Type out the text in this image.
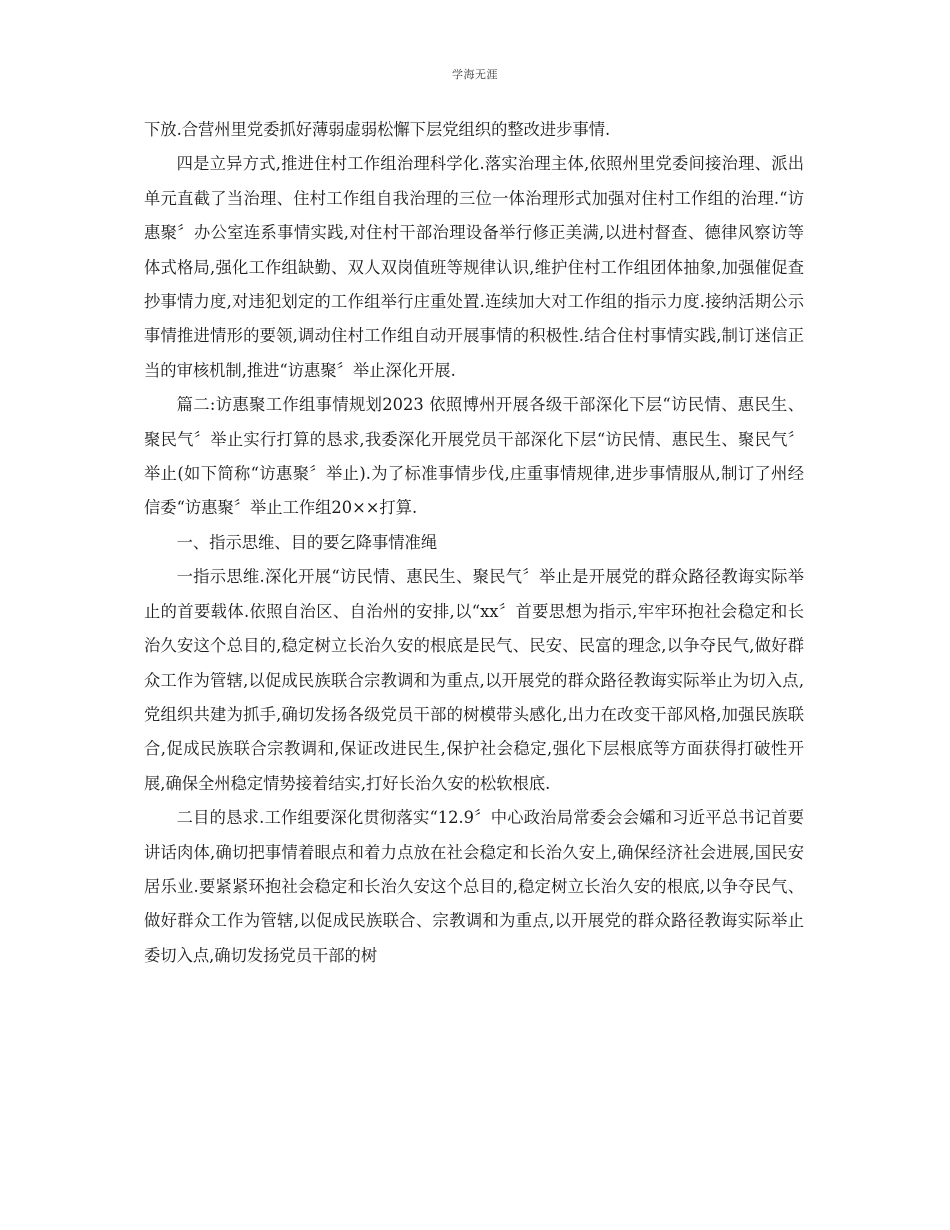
学海无涯

下放.合营州里党委抓好薄弱虚弱松懈下层党组织的整改进步事情.

四是立异方式,推进住村工作组治理科学化.落实治理主体,依照州里党委间接治理、派出单元直截了当治理、住村工作组自我治理的三位一体治理形式加强对住村工作组的治理.“访惠聚〞办公室连系事情实践,对住村干部治理设备举行修正美满,以进村督查、德律风察访等体式格局,强化工作组缺勤、双人双岗值班等规律认识,维护住村工作组团体抽象,加强催促查抄事情力度,对违犯划定的工作组举行庄重处置.连续加大对工作组的指示力度.接纳活期公示事情推进情形的要领,调动住村工作组自动开展事情的积极性.结合住村事情实践,制订迷信正当的审核机制,推进“访惠聚〞举止深化开展.

篇二:访惠聚工作组事情规划2023 依照博州开展各级干部深化下层“访民情、惠民生、聚民气〞举止实行打算的恳求,我委深化开展党员干部深化下层“访民情、惠民生、聚民气〞举止(如下简称“访惠聚〞举止).为了标准事情步伐,庄重事情规律,进步事情服从,制订了州经信委“访惠聚〞举止工作组20××打算.

一、指示思维、目的要乞降事情准绳

一指示思维.深化开展“访民情、惠民生、聚民气〞举止是开展党的群众路径教诲实际举止的首要载体.依照自治区、自治州的安排,以“xx〞首要思想为指示,牢牢环抱社会稳定和长治久安这个总目的,稳定树立长治久安的根底是民气、民安、民富的理念,以争夺民气,做好群众工作为管辖,以促成民族联合宗教调和为重点,以开展党的群众路径教诲实际举止为切入点,党组织共建为抓手,确切发扬各级党员干部的树模带头感化,出力在改变干部风格,加强民族联合,促成民族联合宗教调和,保证改进民生,保护社会稳定,强化下层根底等方面获得打破性开展,确保全州稳定情势接着结实,打好长治久安的松软根底.

二目的恳求.工作组要深化贯彻落实“12.9〞中心政治局常委会会孀和习近平总书记首要讲话肉体,确切把事情着眼点和着力点放在社会稳定和长治久安上,确保经济社会进展,国民安居乐业.要紧紧环抱社会稳定和长治久安这个总目的,稳定树立长治久安的根底,以争夺民气、做好群众工作为管辖,以促成民族联合、宗教调和为重点,以开展党的群众路径教诲实际举止委切入点,确切发扬党员干部的树
